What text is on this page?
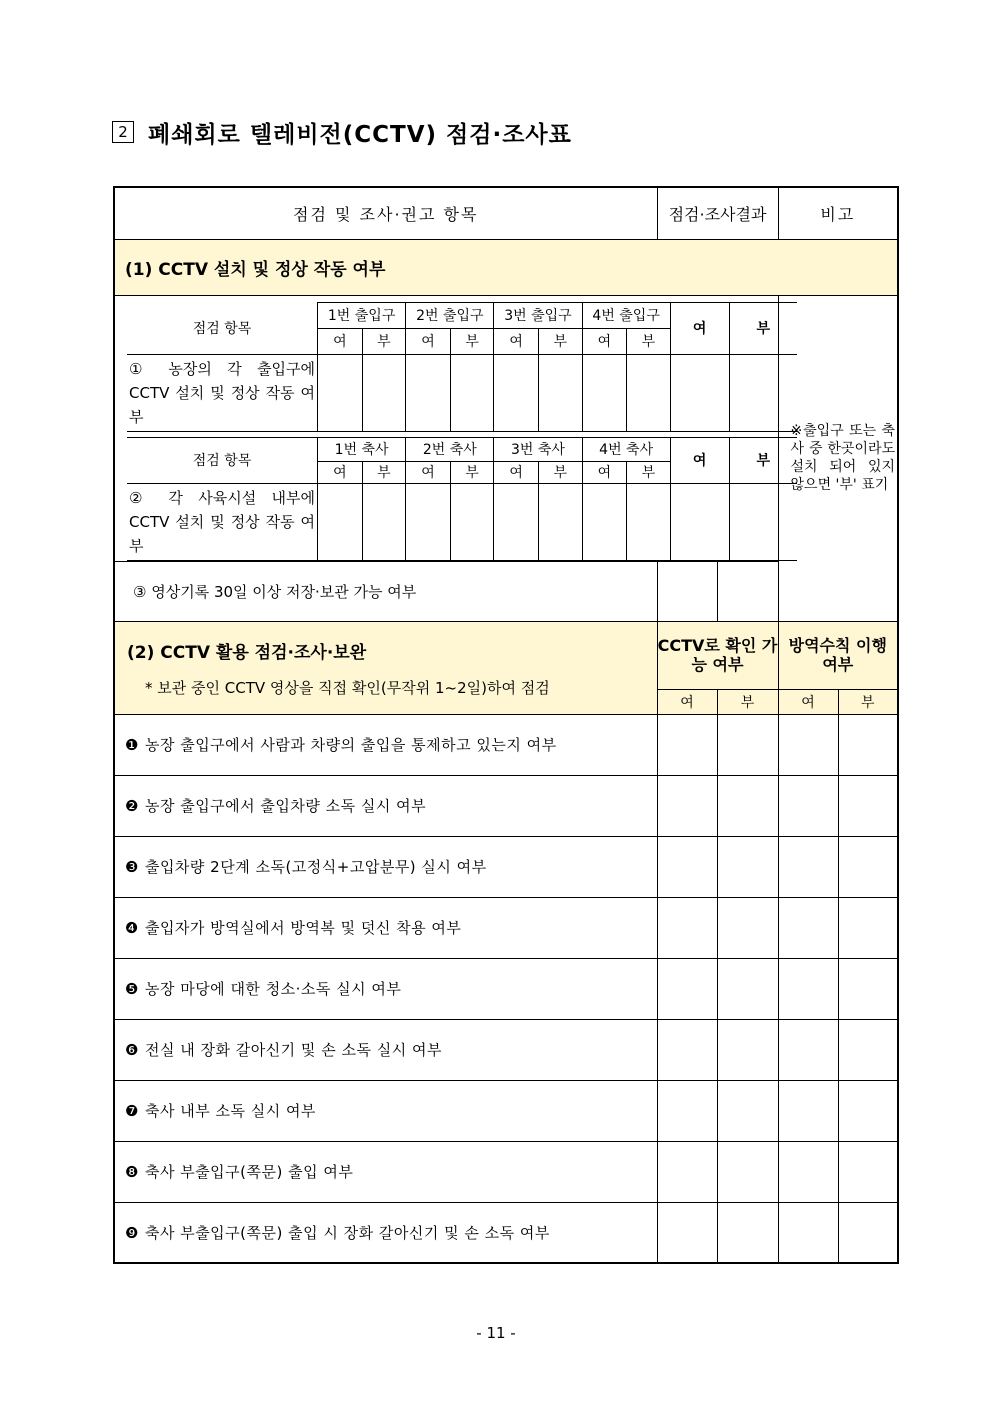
2 폐쇄회로 텔레비전(CCTV) 점검·조사표
점검 및 조사·권고 항목	점검·조사결과	비고
(1) CCTV 설치 및 정상 작동 여부

점검 항목	1번 출입구	2번 출입구	3번 출입구	4번 출입구	여	부
여	부	여	부	여	부	여	부
① 농장의 각 출입구에 CCTV 설치 및 정상 작동 여부										

점검 항목	1번 축사	2번 축사	3번 축사	4번 축사	여	부
여	부	여	부	여	부	여	부
② 각 사육시설 내부에 CCTV 설치 및 정상 작동 여부										
	※출입구 또는 축사 중 한곳이라도 설치 되어 있지 않으면 '부' 표기
③ 영상기록 30일 이상 저장·보관 가능 여부		

(2) CCTV 활용 점검·조사·보완
* 보관 중인 CCTV 영상을 직접 확인(무작위 1~2일)하여 점검
	CCTV로 확인 가능 여부	방역수칙 이행 여부
여	부	여	부
❶ 농장 출입구에서 사람과 차량의 출입을 통제하고 있는지 여부				
❷ 농장 출입구에서 출입차량 소독 실시 여부				
❸ 출입차량 2단계 소독(고정식+고압분무) 실시 여부				
❹ 출입자가 방역실에서 방역복 및 덧신 착용 여부				
❺ 농장 마당에 대한 청소·소독 실시 여부				
❻ 전실 내 장화 갈아신기 및 손 소독 실시 여부				
❼ 축사 내부 소독 실시 여부				
❽ 축사 부출입구(쪽문) 출입 여부				
❾ 축사 부출입구(쪽문) 출입 시 장화 갈아신기 및 손 소독 여부				
- 11 -
